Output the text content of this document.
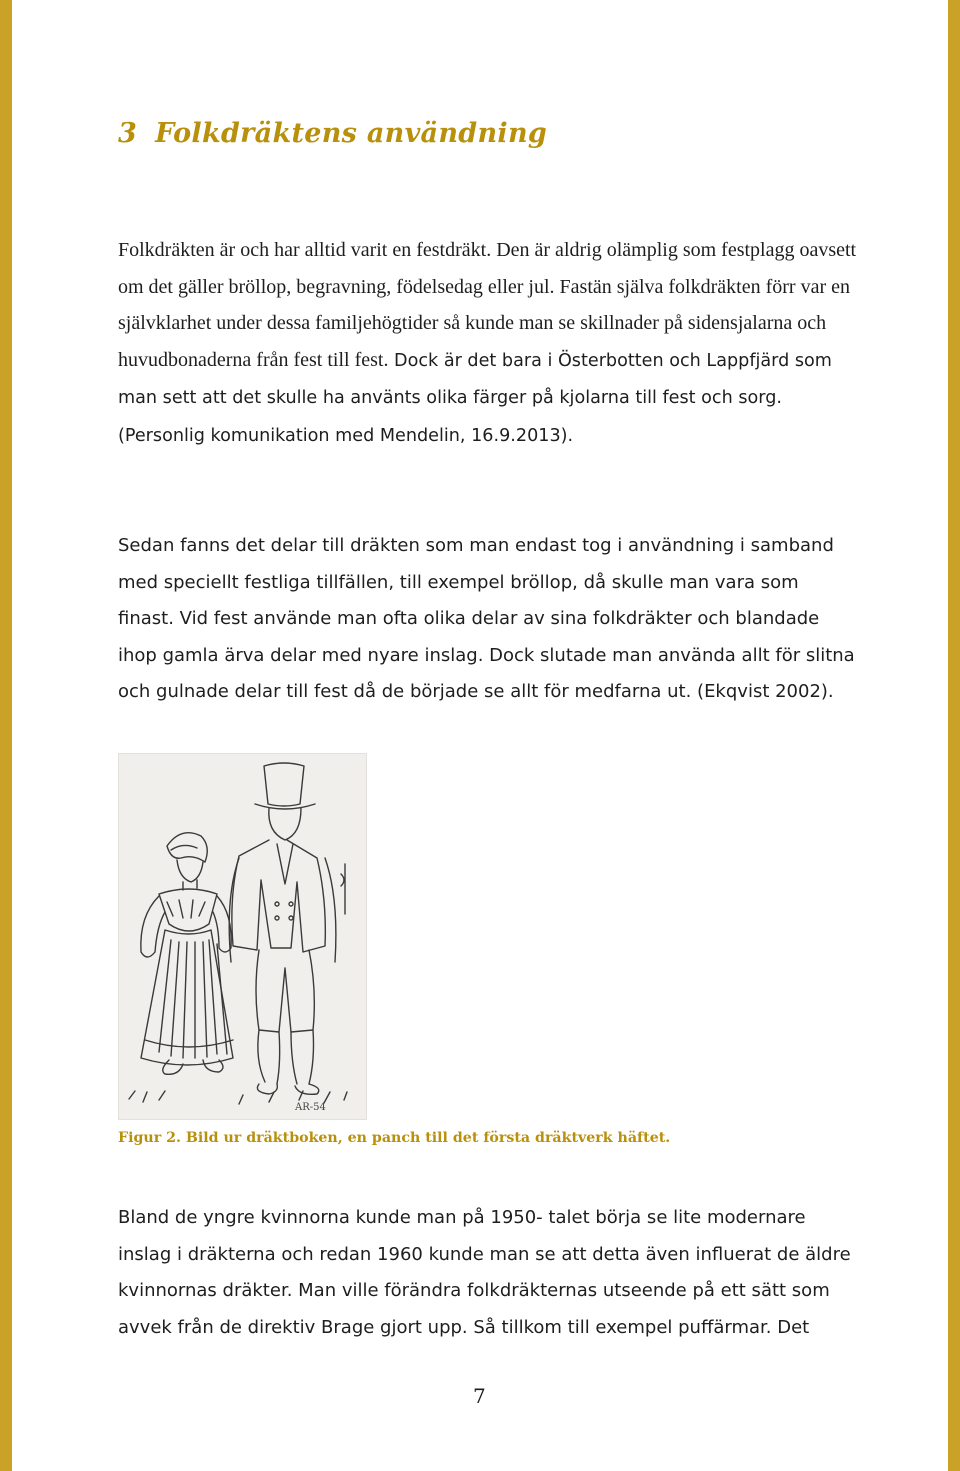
3 Folkdräktens användning

Folkdräkten är och har alltid varit en festdräkt. Den är aldrig olämplig som festplagg oavsett om det gäller bröllop, begravning, födelsedag eller jul. Fastän själva folkdräkten förr var en självklarhet under dessa familjehögtider så kunde man se skillnader på sidensjalarna och huvudbonaderna från fest till fest. Dock är det bara i Österbotten och Lappfjärd som man sett att det skulle ha använts olika färger på kjolarna till fest och sorg. (Personlig komunikation med Mendelin, 16.9.2013).

Sedan fanns det delar till dräkten som man endast tog i användning i samband med speciellt festliga tillfällen, till exempel bröllop, då skulle man vara som finast. Vid fest använde man ofta olika delar av sina folkdräkter och blandade ihop gamla ärva delar med nyare inslag. Dock slutade man använda allt för slitna och gulnade delar till fest då de började se allt för medfarna ut. (Ekqvist 2002).

AR-54

Figur 2. Bild ur dräktboken, en panch till det första dräktverk häftet.

Bland de yngre kvinnorna kunde man på 1950- talet börja se lite modernare inslag i dräkterna och redan 1960 kunde man se att detta även influerat de äldre kvinnornas dräkter. Man ville förändra folkdräkternas utseende på ett sätt som avvek från de direktiv Brage gjort upp. Så tillkom till exempel puffärmar. Det

7
